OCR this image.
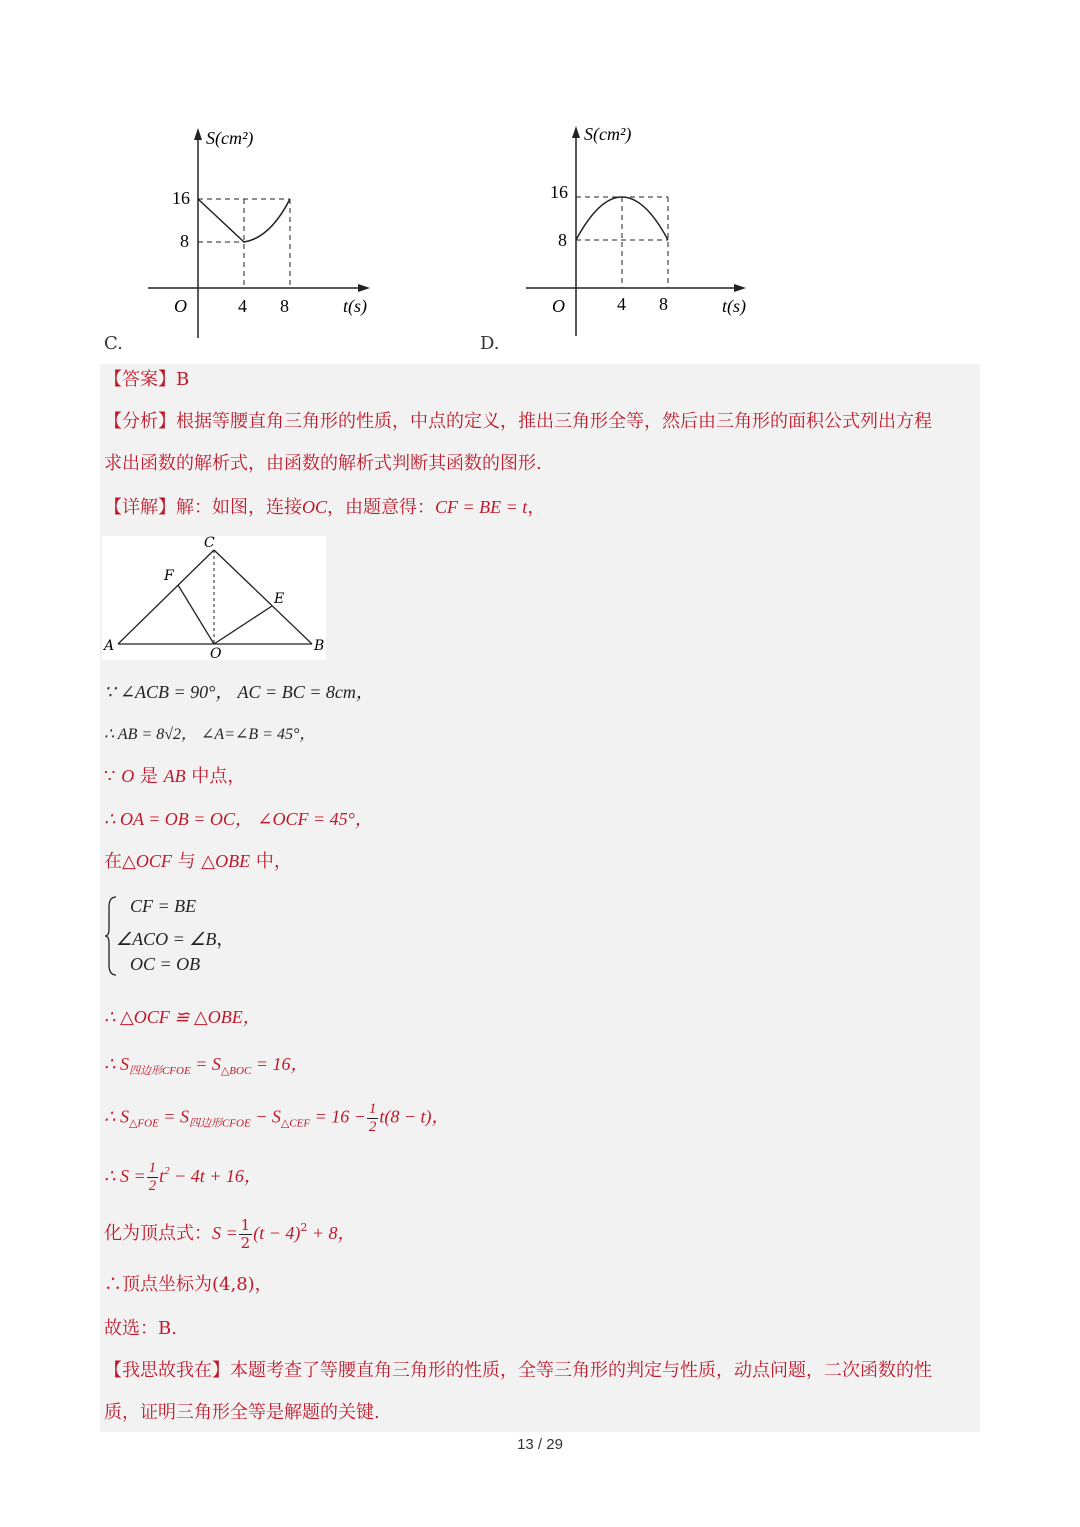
S(cm²)
16
8
O	4 8	t(s)
C.
S(cm²)
16
8
O	4 8	t(s)
D.
【答案】B
【分析】根据等腰直角三角形的性质，中点的定义，推出三角形全等，然后由三角形的面积公式列出方程
求出函数的解析式，由函数的解析式判断其函数的图形.
【详解】解：如图，连接OC，由题意得：CF = BE = t，
C
F
E
A	O	B
∵ ∠ACB = 90°， AC = BC = 8cm，
∴ AB = 8√2， ∠A=∠B = 45°，
∵ O 是 AB 中点，
∴ OA = OB = OC， ∠OCF = 45°，
在△OCF 与 △OBE 中，
CF = BE
∠ACO = ∠B，
OC = OB
∴ △OCF ≌ △OBE，
∴ $S_{四边形CFOE} = S_{\triangle BOC} = 16$，
∴ $S_{\triangle FOE} = S_{四边形CFOE} - S_{\triangle CEF} = 16 - \frac{1}{2} t(8 - t)$，
∴ $S = \frac{1}{2} t^2 - 4t + 16$，
化为顶点式：$S = \frac{1}{2} (t - 4)^2 + 8$，
∴顶点坐标为(4,8)，
故选：B.
【我思故我在】本题考查了等腰直角三角形的性质，全等三角形的判定与性质，动点问题，二次函数的性
质，证明三角形全等是解题的关键.
13 / 29
